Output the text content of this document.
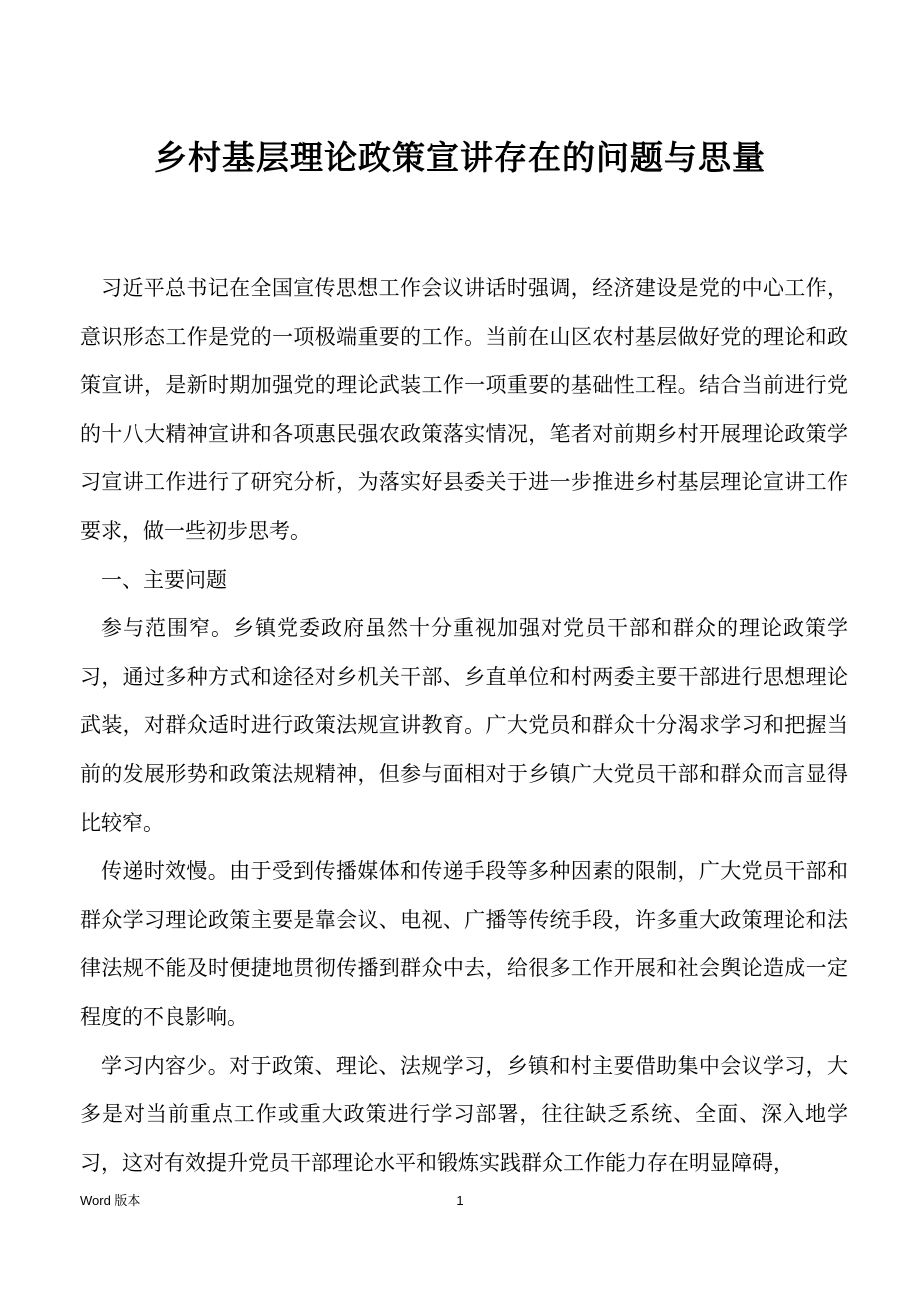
乡村基层理论政策宣讲存在的问题与思量

习近平总书记在全国宣传思想工作会议讲话时强调，经济建设是党的中心工作，意识形态工作是党的一项极端重要的工作。当前在山区农村基层做好党的理论和政策宣讲，是新时期加强党的理论武装工作一项重要的基础性工程。结合当前进行党的十八大精神宣讲和各项惠民强农政策落实情况，笔者对前期乡村开展理论政策学习宣讲工作进行了研究分析，为落实好县委关于进一步推进乡村基层理论宣讲工作要求，做一些初步思考。

一、主要问题

参与范围窄。乡镇党委政府虽然十分重视加强对党员干部和群众的理论政策学习，通过多种方式和途径对乡机关干部、乡直单位和村两委主要干部进行思想理论武装，对群众适时进行政策法规宣讲教育。广大党员和群众十分渴求学习和把握当前的发展形势和政策法规精神，但参与面相对于乡镇广大党员干部和群众而言显得比较窄。

传递时效慢。由于受到传播媒体和传递手段等多种因素的限制，广大党员干部和群众学习理论政策主要是靠会议、电视、广播等传统手段，许多重大政策理论和法律法规不能及时便捷地贯彻传播到群众中去，给很多工作开展和社会舆论造成一定程度的不良影响。

学习内容少。对于政策、理论、法规学习，乡镇和村主要借助集中会议学习，大多是对当前重点工作或重大政策进行学习部署，往往缺乏系统、全面、深入地学习，这对有效提升党员干部理论水平和锻炼实践群众工作能力存在明显障碍，

Word 版本	1
